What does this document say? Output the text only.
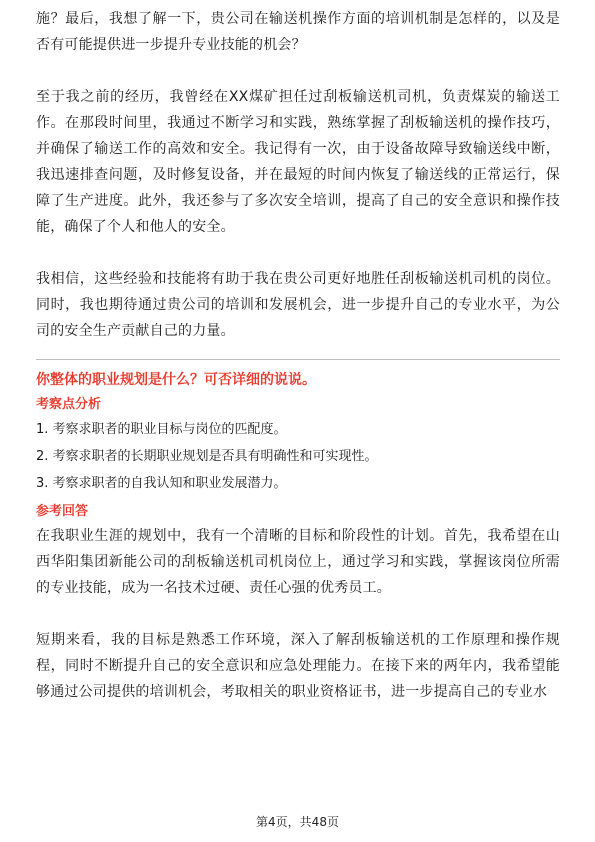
施？最后，我想了解一下，贵公司在输送机操作方面的培训机制是怎样的，以及是否有可能提供进一步提升专业技能的机会？

至于我之前的经历，我曾经在XX煤矿担任过刮板输送机司机，负责煤炭的输送工作。在那段时间里，我通过不断学习和实践，熟练掌握了刮板输送机的操作技巧，并确保了输送工作的高效和安全。我记得有一次，由于设备故障导致输送线中断，我迅速排查问题，及时修复设备，并在最短的时间内恢复了输送线的正常运行，保障了生产进度。此外，我还参与了多次安全培训，提高了自己的安全意识和操作技能，确保了个人和他人的安全。

我相信，这些经验和技能将有助于我在贵公司更好地胜任刮板输送机司机的岗位。同时，我也期待通过贵公司的培训和发展机会，进一步提升自己的专业水平，为公司的安全生产贡献自己的力量。

你整体的职业规划是什么？可否详细的说说。
考察点分析
1. 考察求职者的职业目标与岗位的匹配度。
2. 考察求职者的长期职业规划是否具有明确性和可实现性。
3. 考察求职者的自我认知和职业发展潜力。
参考回答

在我职业生涯的规划中，我有一个清晰的目标和阶段性的计划。首先，我希望在山西华阳集团新能公司的刮板输送机司机岗位上，通过学习和实践，掌握该岗位所需的专业技能，成为一名技术过硬、责任心强的优秀员工。

短期来看，我的目标是熟悉工作环境，深入了解刮板输送机的工作原理和操作规程，同时不断提升自己的安全意识和应急处理能力。在接下来的两年内，我希望能够通过公司提供的培训机会，考取相关的职业资格证书，进一步提高自己的专业水

第4页，共48页
